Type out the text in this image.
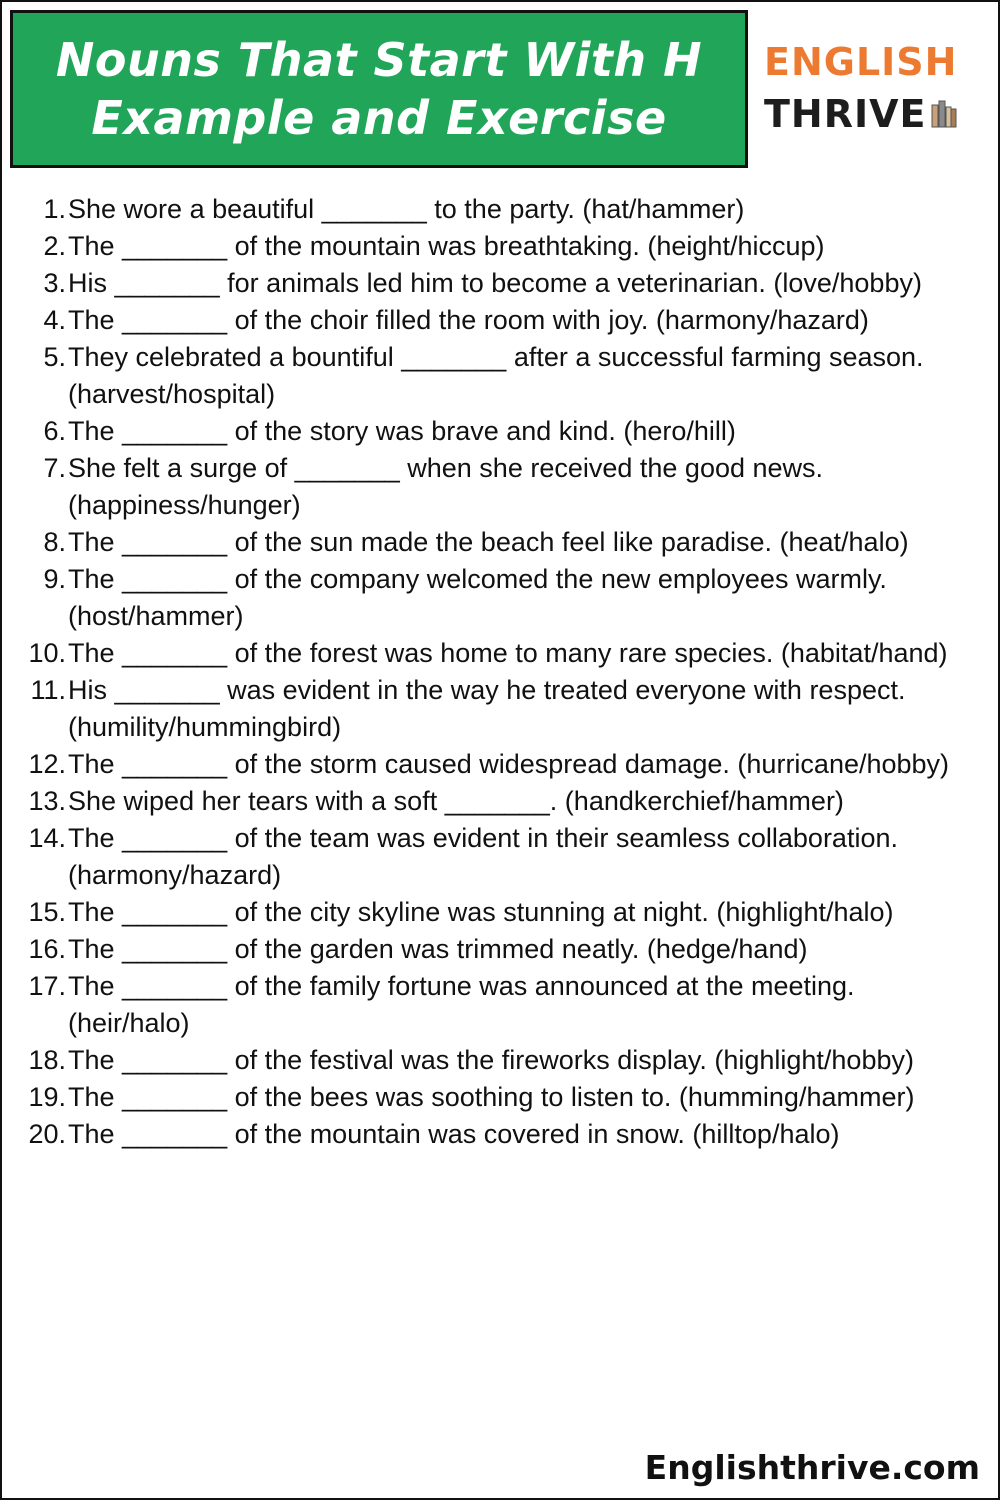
Nouns That Start With H
Example and Exercise
ENGLISH
THRIVE
1. She wore a beautiful _______ to the party. (hat/hammer)
2. The _______ of the mountain was breathtaking. (height/hiccup)
3. His _______ for animals led him to become a veterinarian. (love/hobby)
4. The _______ of the choir filled the room with joy. (harmony/hazard)
5. They celebrated a bountiful _______ after a successful farming season. (harvest/hospital)
6. The _______ of the story was brave and kind. (hero/hill)
7. She felt a surge of _______ when she received the good news. (happiness/hunger)
8. The _______ of the sun made the beach feel like paradise. (heat/halo)
9. The _______ of the company welcomed the new employees warmly. (host/hammer)
10. The _______ of the forest was home to many rare species. (habitat/hand)
11. His _______ was evident in the way he treated everyone with respect. (humility/hummingbird)
12. The _______ of the storm caused widespread damage. (hurricane/hobby)
13. She wiped her tears with a soft _______. (handkerchief/hammer)
14. The _______ of the team was evident in their seamless collaboration. (harmony/hazard)
15. The _______ of the city skyline was stunning at night. (highlight/halo)
16. The _______ of the garden was trimmed neatly. (hedge/hand)
17. The _______ of the family fortune was announced at the meeting. (heir/halo)
18. The _______ of the festival was the fireworks display. (highlight/hobby)
19. The _______ of the bees was soothing to listen to. (humming/hammer)
20. The _______ of the mountain was covered in snow. (hilltop/halo)
Englishthrive.com
